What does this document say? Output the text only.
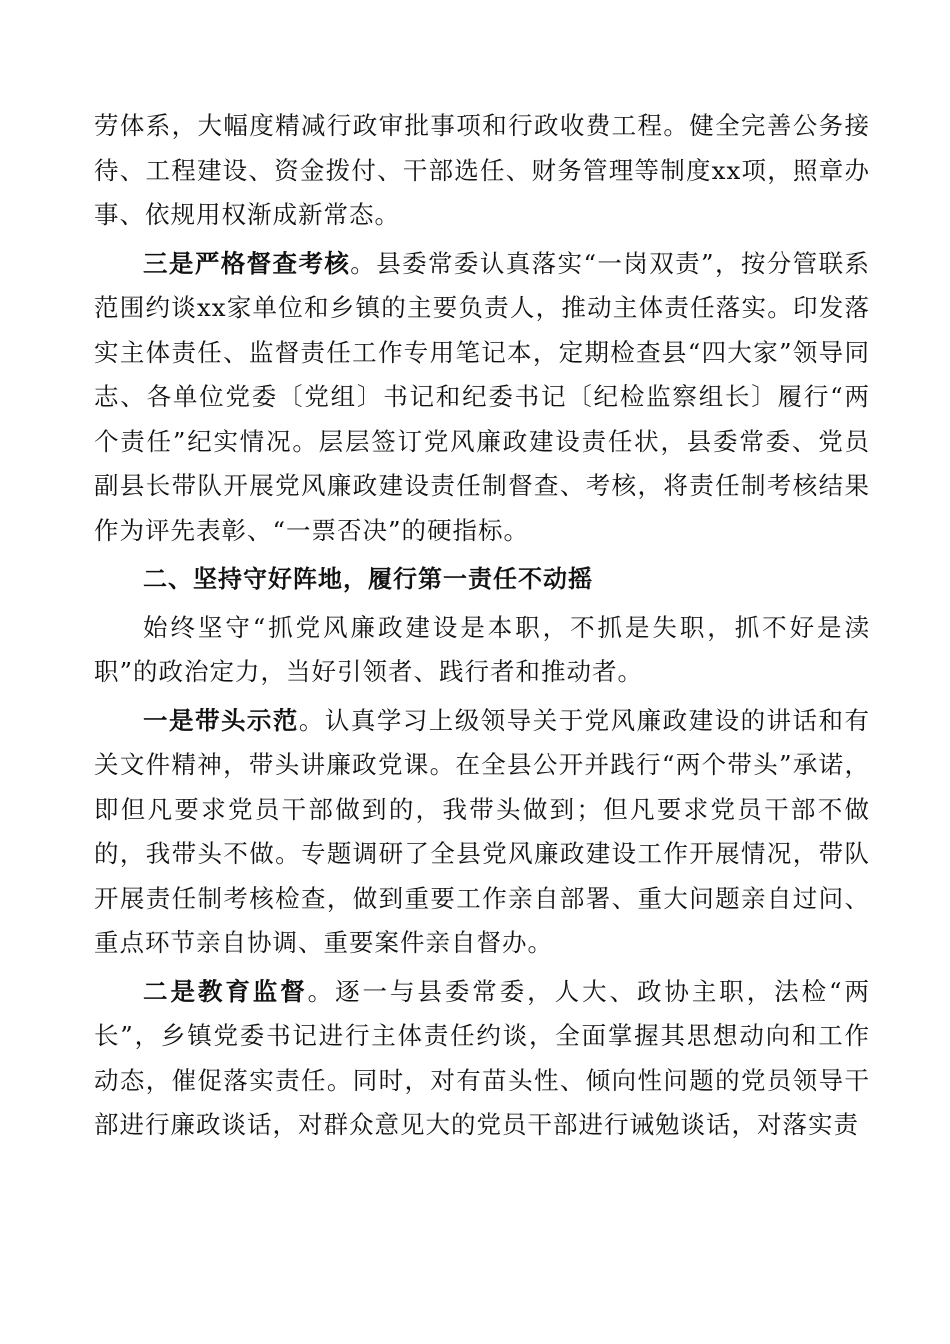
劳体系，大幅度精减行政审批事项和行政收费工程。健全完善公务接待、工程建设、资金拨付、干部选任、财务管理等制度xx项，照章办事、依规用权渐成新常态。

三是严格督查考核。县委常委认真落实“一岗双责”，按分管联系范围约谈xx家单位和乡镇的主要负责人，推动主体责任落实。印发落实主体责任、监督责任工作专用笔记本，定期检查县“四大家”领导同志、各单位党委〔党组〕书记和纪委书记〔纪检监察组长〕履行“两个责任”纪实情况。层层签订党风廉政建设责任状，县委常委、党员副县长带队开展党风廉政建设责任制督查、考核，将责任制考核结果作为评先表彰、“一票否决”的硬指标。

二、坚持守好阵地，履行第一责任不动摇

始终坚守“抓党风廉政建设是本职，不抓是失职，抓不好是渎职”的政治定力，当好引领者、践行者和推动者。

一是带头示范。认真学习上级领导关于党风廉政建设的讲话和有关文件精神，带头讲廉政党课。在全县公开并践行“两个带头”承诺，即但凡要求党员干部做到的，我带头做到；但凡要求党员干部不做的，我带头不做。专题调研了全县党风廉政建设工作开展情况，带队开展责任制考核检查，做到重要工作亲自部署、重大问题亲自过问、重点环节亲自协调、重要案件亲自督办。

二是教育监督。逐一与县委常委，人大、政协主职，法检“两长”，乡镇党委书记进行主体责任约谈，全面掌握其思想动向和工作动态，催促落实责任。同时，对有苗头性、倾向性问题的党员领导干部进行廉政谈话，对群众意见大的党员干部进行诫勉谈话，对落实责
